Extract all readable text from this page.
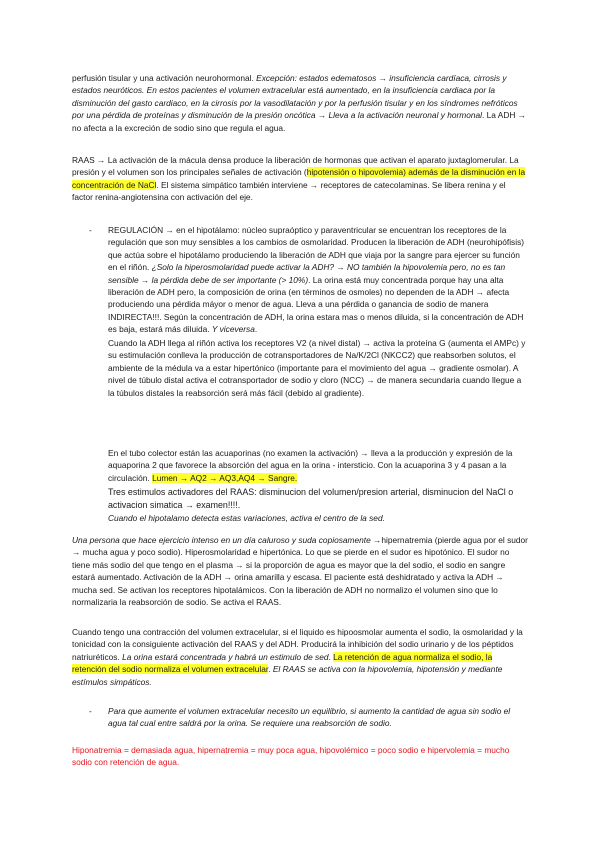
perfusión tisular y una activación neurohormonal. Excepción: estados edematosos → insuficiencia cardíaca, cirrosis y estados neuróticos. En estos pacientes el volumen extracelular está aumentado, en la insuficiencia cardiaca por la disminución del gasto cardiaco, en la cirrosis por la vasodilatación y por la perfusión tisular y en los síndromes nefróticos por una pérdida de proteínas y disminución de la presión oncótica → Lleva a la activación neuronal y hormonal. La ADH → no afecta a la excreción de sodio sino que regula el agua.

RAAS → La activación de la mácula densa produce la liberación de hormonas que activan el aparato juxtaglomerular. La presión y el volumen son los principales señales de activación (hipotensión o hipovolemia) además de la disminución en la concentración de NaCl. El sistema simpático también interviene → receptores de catecolaminas. Se libera renina y el factor renina-angiotensina con activación del eje.

- REGULACIÓN → en el hipotálamo: núcleo supraóptico y paraventricular se encuentran los receptores de la regulación que son muy sensibles a los cambios de osmolaridad. Producen la liberación de ADH (neurohipófisis) que actúa sobre el hipotálamo produciendo la liberación de ADH que viaja por la sangre para ejercer su función en el riñón. ¿Solo la hiperosmolaridad puede activar la ADH? → NO también la hipovolemia pero, no es tan sensible → la pérdida debe de ser importante (> 10%). La orina está muy concentrada porque hay una alta liberación de ADH pero, la composición de orina (en términos de osmoles) no dependen de la ADH → afecta produciendo una pérdida máyor o menor de agua. Lleva a una pérdida o ganancia de sodio de manera INDIRECTA!!!. Según la concentración de ADH, la orina estara mas o menos diluida, si la concentración de ADH es baja, estará más diluida. Y viceversa.

Cuando la ADH llega al riñón activa los receptores V2 (a nivel distal) → activa la proteína G (aumenta el AMPc) y su estimulación conlleva la producción de cotransportadores de Na/K/2Cl (NKCC2) que reabsorben solutos, el ambiente de la médula va a estar hipertónico (importante para el movimiento del agua → gradiente osmolar). A nivel de túbulo distal activa el cotransportador de sodio y cloro (NCC) → de manera secundaria cuando llegue a la túbulos distales la reabsorción será más fácil (debido al gradiente).

En el tubo colector están las acuaporinas (no examen la activación) → lleva a la producción y expresión de la aquaporina 2 que favorece la absorción del agua en la orina - intersticio. Con la acuaporina 3 y 4 pasan a la circulación. Lumen → AQ2 → AQ3,AQ4 → Sangre.

Tres estimulos activadores del RAAS: disminucion del volumen/presion arterial, disminucion del NaCl o activacion simatica → examen!!!!.

Cuando el hipotalamo detecta estas variaciones, activa el centro de la sed.

Una persona que hace ejercicio intenso en un día caluroso y suda copiosamente →hipernatremia (pierde agua por el sudor → mucha agua y poco sodio). Hiperosmolaridad e hipertónica. Lo que se pierde en el sudor es hipotónico. El sudor no tiene más sodio del que tengo en el plasma → si la proporción de agua es mayor que la del sodio, el sodio en sangre estará aumentado. Activación de la ADH → orina amarilla y escasa. El paciente está deshidratado y activa la ADH → mucha sed. Se activan los receptores hipotalámicos. Con la liberación de ADH no normalizo el volumen sino que lo normalizaria la reabsorción de sodio. Se activa el RAAS.

Cuando tengo una contracción del volumen extracelular, si el liquido es hipoosmolar aumenta el sodio, la osmolaridad y la tonicidad con la consiguiente activación del RAAS y del ADH. Producirá la inhibición del sodio urinario y de los péptidos natriuréticos. La orina estará concentrada y habrá un estimulo de sed. La retención de agua normaliza el sodio, la retención del sodio normaliza el volumen extracelular. El RAAS se activa con la hipovolemia, hipotensión y mediante estímulos simpáticos.

- Para que aumente el volumen extracelular necesito un equilibrio, si aumento la cantidad de agua sin sodio el agua tal cual entre saldrá por la orina. Se requiere una reabsorción de sodio.

Hiponatremia = demasiada agua, hipernatremia = muy poca agua, hipovolémico = poco sodio e hipervolemia = mucho sodio con retención de agua.
